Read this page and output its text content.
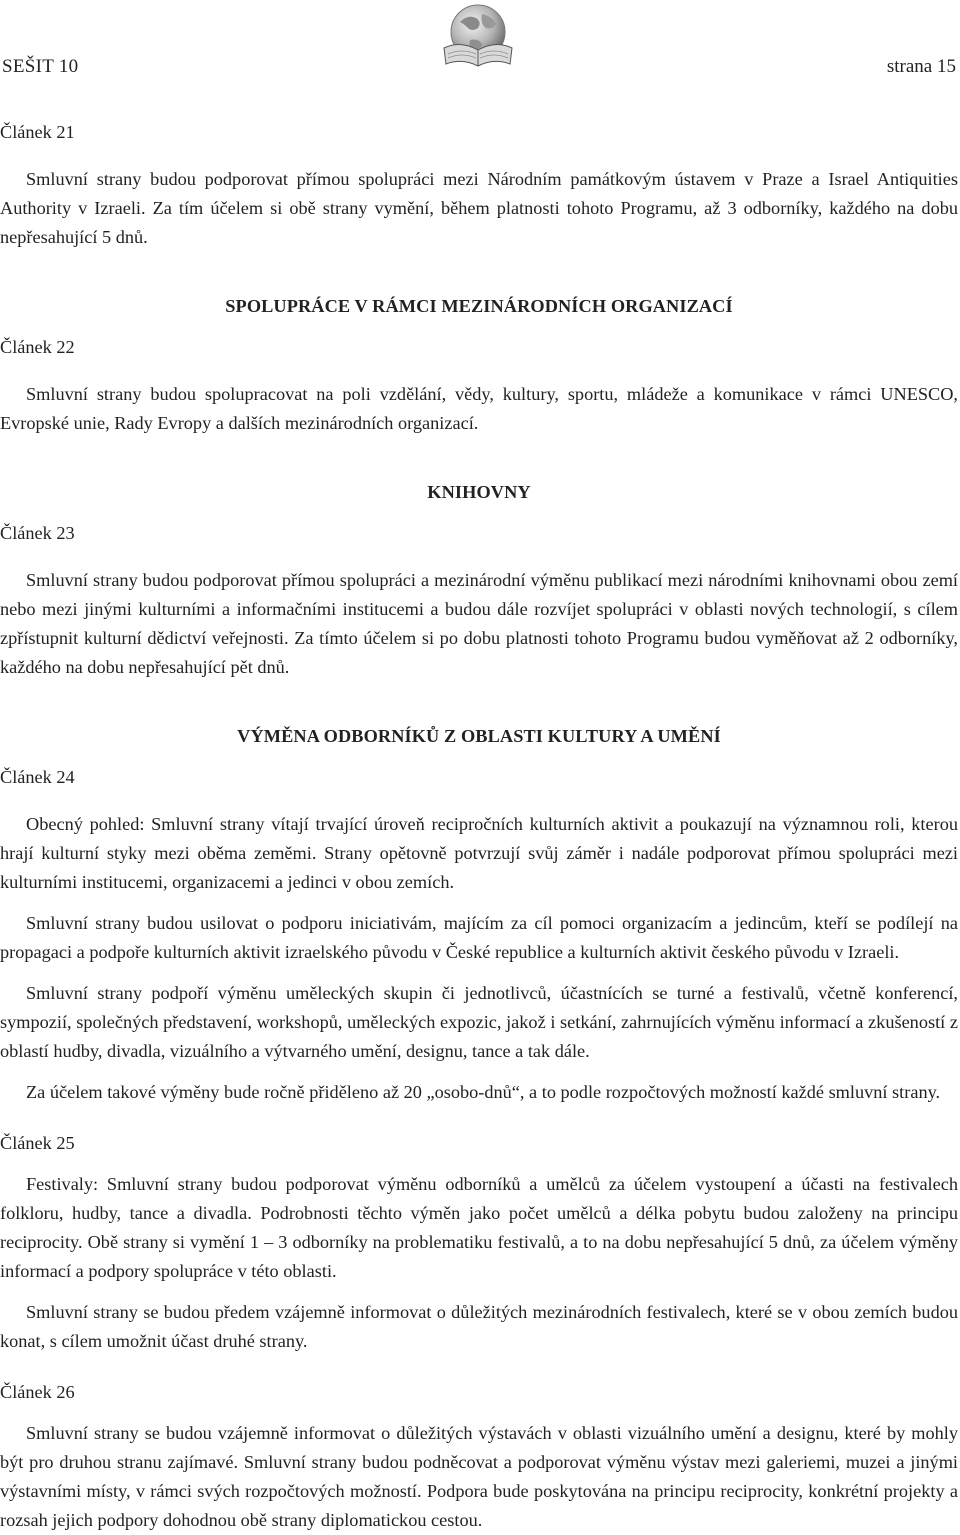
SEŠIT 10	strana 15

Článek 21

Smluvní strany budou podporovat přímou spolupráci mezi Národním památkovým ústavem v Praze a Israel Antiquities Authority v Izraeli. Za tím účelem si obě strany vymění, během platnosti tohoto Programu, až 3 odborníky, každého na dobu nepřesahující 5 dnů.

SPOLUPRÁCE V RÁMCI MEZINÁRODNÍCH ORGANIZACÍ

Článek 22

Smluvní strany budou spolupracovat na poli vzdělání, vědy, kultury, sportu, mládeže a komunikace v rámci UNESCO, Evropské unie, Rady Evropy a dalších mezinárodních organizací.

KNIHOVNY

Článek 23

Smluvní strany budou podporovat přímou spolupráci a mezinárodní výměnu publikací mezi národními knihovnami obou zemí nebo mezi jinými kulturními a informačními institucemi a budou dále rozvíjet spolupráci v oblasti nových technologií, s cílem zpřístupnit kulturní dědictví veřejnosti. Za tímto účelem si po dobu platnosti tohoto Programu budou vyměňovat až 2 odborníky, každého na dobu nepřesahující pět dnů.

VÝMĚNA ODBORNÍKŮ Z OBLASTI KULTURY A UMĚNÍ

Článek 24

Obecný pohled: Smluvní strany vítají trvající úroveň recipročních kulturních aktivit a poukazují na významnou roli, kterou hrají kulturní styky mezi oběma zeměmi. Strany opětovně potvrzují svůj záměr i nadále podporovat přímou spolupráci mezi kulturními institucemi, organizacemi a jedinci v obou zemích.

Smluvní strany budou usilovat o podporu iniciativám, majícím za cíl pomoci organizacím a jedincům, kteří se podílejí na propagaci a podpoře kulturních aktivit izraelského původu v České republice a kulturních aktivit českého původu v Izraeli.

Smluvní strany podpoří výměnu uměleckých skupin či jednotlivců, účastnících se turné a festivalů, včetně konferencí, sympozií, společných představení, workshopů, uměleckých expozic, jakož i setkání, zahrnujících výměnu informací a zkušeností z oblastí hudby, divadla, vizuálního a výtvarného umění, designu, tance a tak dále.

Za účelem takové výměny bude ročně přiděleno až 20 „osobo-dnů“, a to podle rozpočtových možností každé smluvní strany.

Článek 25

Festivaly: Smluvní strany budou podporovat výměnu odborníků a umělců za účelem vystoupení a účasti na festivalech folkloru, hudby, tance a divadla. Podrobnosti těchto výměn jako počet umělců a délka pobytu budou založeny na principu reciprocity. Obě strany si vymění 1 – 3 odborníky na problematiku festivalů, a to na dobu nepřesahující 5 dnů, za účelem výměny informací a podpory spolupráce v této oblasti.

Smluvní strany se budou předem vzájemně informovat o důležitých mezinárodních festivalech, které se v obou zemích budou konat, s cílem umožnit účast druhé strany.

Článek 26

Smluvní strany se budou vzájemně informovat o důležitých výstavách v oblasti vizuálního umění a designu, které by mohly být pro druhou stranu zajímavé. Smluvní strany budou podněcovat a podporovat výměnu výstav mezi galeriemi, muzei a jinými výstavními místy, v rámci svých rozpočtových možností. Podpora bude poskytována na principu reciprocity, konkrétní projekty a rozsah jejich podpory dohodnou obě strany diplomatickou cestou.
